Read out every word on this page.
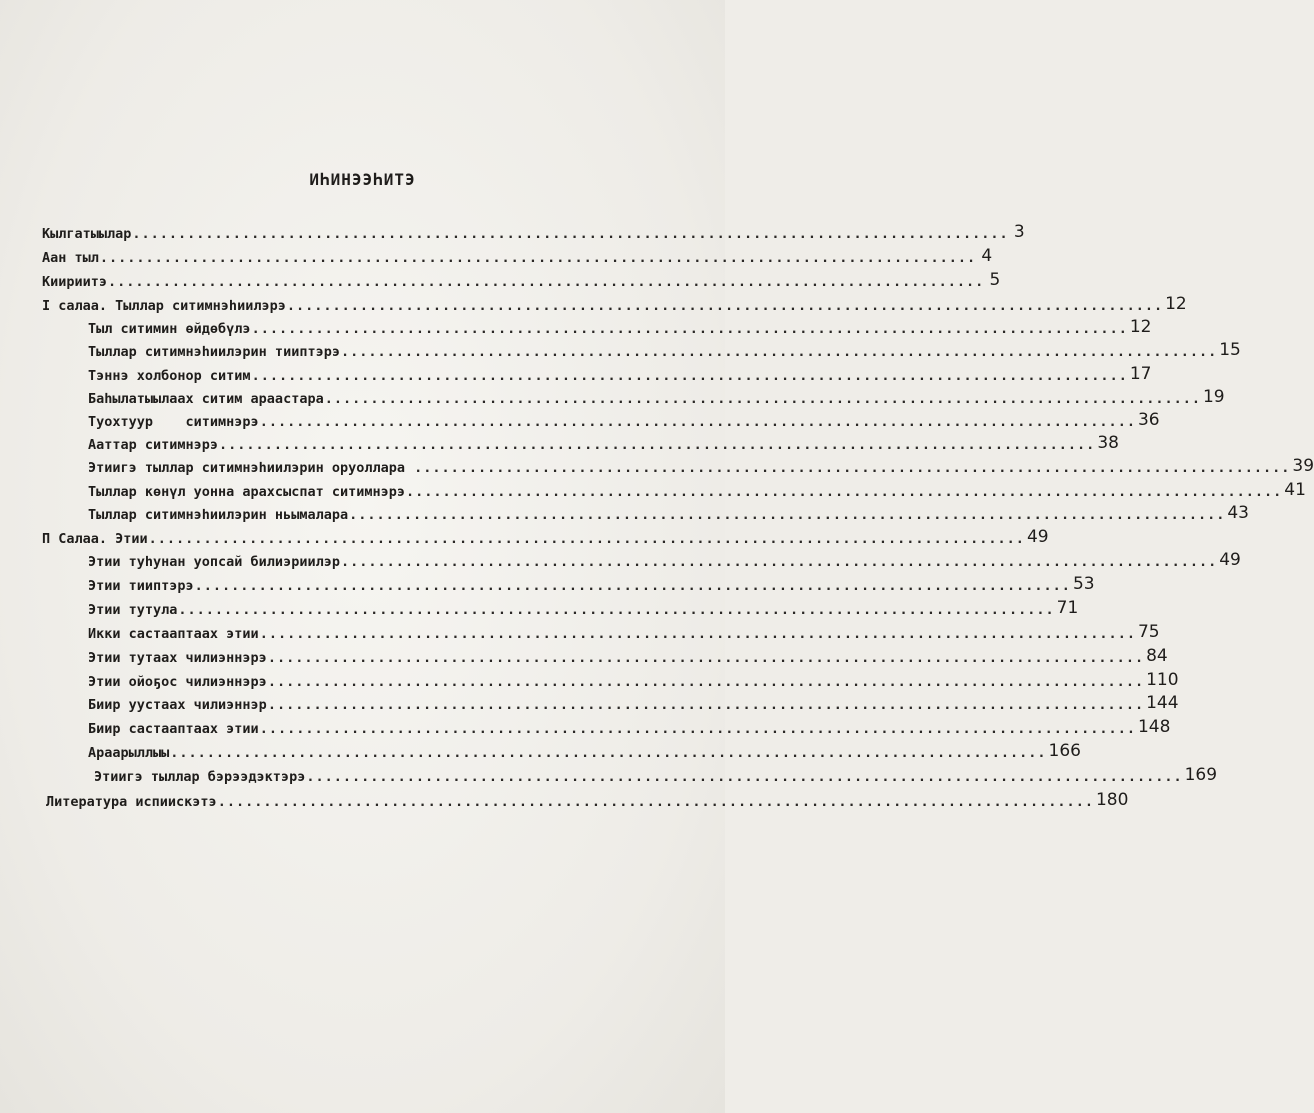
ИҺИНЭЭҺИТЭ
Кылгатыылар ................................................................................................ 3
Аан тыл ................................................................................................ 4
Киириитэ ................................................................................................ 5
I салаа. Тыллар ситимнэһиилэрэ ................................................................................................ 12
Тыл ситимин өйдөбүлэ ................................................................................................ 12
Тыллар ситимнэһиилэрин тииптэрэ ................................................................................................ 15
Тэннэ холбонор ситим ................................................................................................ 17
Баһылатыылаах ситим араастара ................................................................................................ 19
Туохтуур    ситимнэрэ ................................................................................................ 36
Ааттар ситимнэрэ ................................................................................................ 38
Этиигэ тыллар ситимнэһиилэрин оруоллара ................................................................................................ 39
Тыллар көнүл уонна арахсыспат ситимнэрэ ................................................................................................ 41
Тыллар ситимнэһиилэрин ньымалара ................................................................................................ 43
П Салаа. Этии ................................................................................................ 49
Этии туһунан уопсай билиэриилэр ................................................................................................ 49
Этии тииптэрэ ................................................................................................ 53
Этии тутула ................................................................................................ 71
Икки састааптаах этии ................................................................................................ 75
Этии тутаах чилиэннэрэ ................................................................................................ 84
Этии ойоҕос чилиэннэрэ ................................................................................................ 110
Биир уустаах чилиэннэр ................................................................................................ 144
Биир састааптаах этии ................................................................................................ 148
Араарыллыы ................................................................................................ 166
Этиигэ тыллар бэрээдэктэрэ ................................................................................................ 169
Литература испиискэтэ ................................................................................................ 180
